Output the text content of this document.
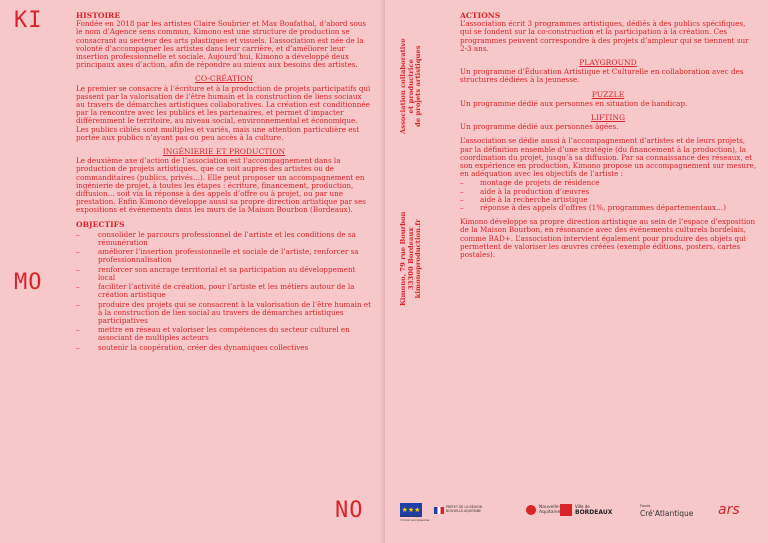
KI
MO
NO
HISTOIRE

Fondée en 2018 par les artistes Claire Soubrier et Max Boufathal, d’abord sous le nom d’Agence sens commun, Kimono est une structure de production se consacrant au secteur des arts plastiques et visuels. L’association est née de la volonté d’accompagner les artistes dans leur carrière, et d’améliorer leur insertion professionnelle et sociale. Aujourd’hui, Kimono a développé deux principaux axes d’action, afin de répondre au mieux aux besoins des artistes.

CO-CRÉATION

Le premier se consacre à l’écriture et à la production de projets participatifs qui passent par la valorisation de l’être humain et la construction de liens sociaux au travers de démarches artistiques collaboratives. La création est conditionnée par la rencontre avec les publics et les partenaires, et permet d’impacter différemment le territoire, au niveau social, environnemental et économique. Les publics ciblés sont multiples et variés, mais une attention particulière est portée aux publics n’ayant pas ou peu accès à la culture.

INGÉNIERIE ET PRODUCTION

Le deuxième axe d’action de l’association est l’accompagnement dans la production de projets artistiques, que ce soit auprès des artistes ou de commanditaires (publics, privés…). Elle peut proposer un accompagnement en ingénierie de projet, à toutes les étapes : écriture, financement, production, diffusion… soit via la réponse à des appels d’offre ou à projet, ou par une prestation. Enfin Kimono développe aussi sa propre direction artistique par ses expositions et événements dans les murs de la Maison Bourbon (Bordeaux).

OBJECTIFS
– consolider le parcours professionnel de l’artiste et les conditions de sa rémunération
– améliorer l’insertion professionnelle et sociale de l’artiste, renforcer sa professionnalisation
– renforcer son ancrage territorial et sa participation au développement local
– faciliter l’activité de création, pour l’artiste et les métiers autour de la création artistique
– produire des projets qui se consacrent à la valorisation de l’être humain et à la construction de lien social au travers de démarches artistiques participatives
– mettre en réseau et valoriser les compétences du secteur culturel en associant de multiples acteurs
– soutenir la coopération, créer des dynamiques collectives
Association collaborative et productrice de projets artistiques
Kimono, 79 rue Bourbon 33300 Bordeaux kimonoproduction.fr
ACTIONS

L’association écrit 3 programmes artistiques, dédiés à des publics spécifiques, qui se fondent sur la co-construction et la participation à la création. Ces programmes peuvent correspondre à des projets d’ampleur qui se tiennent sur 2-3 ans.

PLAYGROUND

Un programme d’Éducation Artistique et Culturelle en collaboration avec des structures dédiées à la jeunesse.

PUZZLE

Un programme dédié aux personnes en situation de handicap.

LIFTING

Un programme dédié aux personnes âgées.

L’association se dédie aussi à l’accompagnement d’artistes et de leurs projets, par la définition ensemble d’une stratégie (du financement à la production), la coordination du projet, jusqu’à sa diffusion. Par sa connaissance des réseaux, et son expérience en production, Kimono propose un accompagnement sur mesure, en adéquation avec les objectifs de l’artiste :

– montage de projets de résidence
– aide à la production d’œuvres
– aide à la recherche artistique
– réponse à des appels d’offres (1%, programmes départementaux…)

Kimono développe sa propre direction artistique au sein de l’espace d’exposition de la Maison Bourbon, en résonance avec des événements culturels bordelais, comme BAD+. L’association intervient également pour produire des objets qui permettent de valoriser les œuvres créées (exemple éditions, posters, cartes postales).

★★★
Cofinancé par l’Union européenne
PRÉFET DE LA RÉGION NOUVELLE-AQUITAINE
Nouvelle-Aquitaine
Ville de
BORDEAUX
Fonds
Cré'Atlantique ars
